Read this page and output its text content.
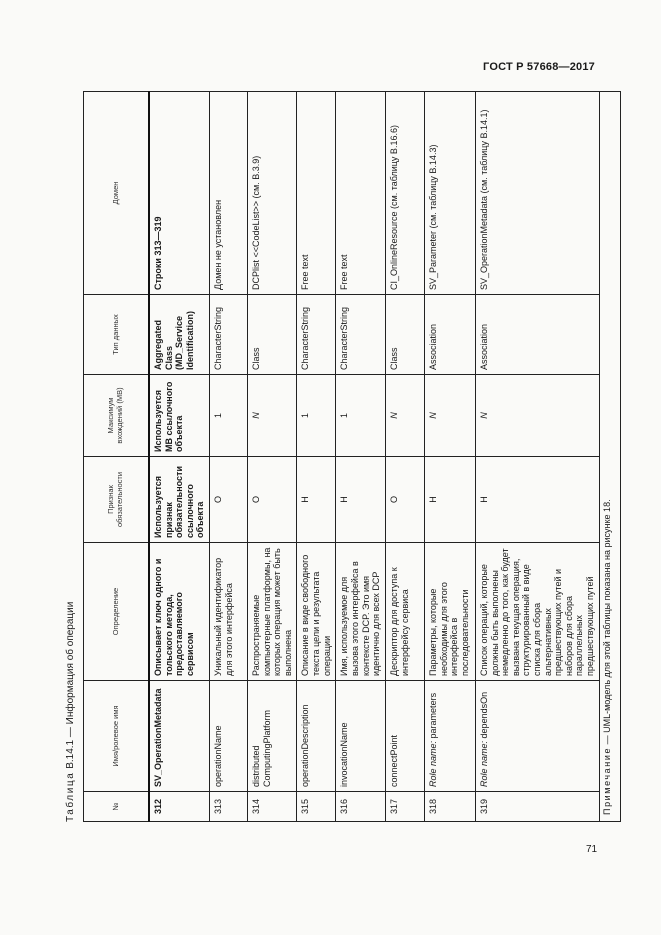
ГОСТ Р 57668—2017
Таблица В.14.1 — Информация об операции
№	Имя/ролевое имя	Определение	Признак обязательности	Максимум вхождений (MB)	Тип данных	Домен
312	SV_OperationMetadata	Описывает ключ одного и тольcкого метода, предоставляемого сервисом	Используется признак обязательности ссылочного объекта	Используется MB ссылочного объекта	Aggregated Class (MD_Service Identification)	Строки 313—319
313	operationName	Уникальный идентификатор для этого интерфейса	O	1	CharacterString	Домен не установлен
314	distributed ComputingPlatform	Распространяемые компьютерные платформы, на которых операция может быть выполнена	O	N	Class	DCPlist <<CodeList>> (см. В.3.9)
315	operationDescription	Описание в виде свободного текста цели и результата операции	Н	1	CharacterString	Free text
316	invocationName	Имя, используемое для вызова этого интерфейса в контексте DCP. Это имя идентично для всех DCP	Н	1	CharacterString	Free text
317	connectPoint	Дескриптор для доступа к интерфейсу сервиса	O	N	Class	CI_OnlineResource (см. таблицу В.16.6)
318	Role name: parameters	Параметры, которые необходимы для этого интерфейса в последовательности	Н	N	Association	SV_Parameter (см. таблицу В.14.3)
319	Role name: dependsOn	Список операций, которые должны быть выполнены немедленно до того, как будет вызвана текущая операция, структурированный в виде списка для сбора альтернативных предшествующих путей и наборов для сбора параллельных предшествующих путей	Н	N	Association	SV_OperationMetadata (см. таблицу В.14.1)
Примечание — UML-модель для этой таблицы показана на рисунке 18.						
71
